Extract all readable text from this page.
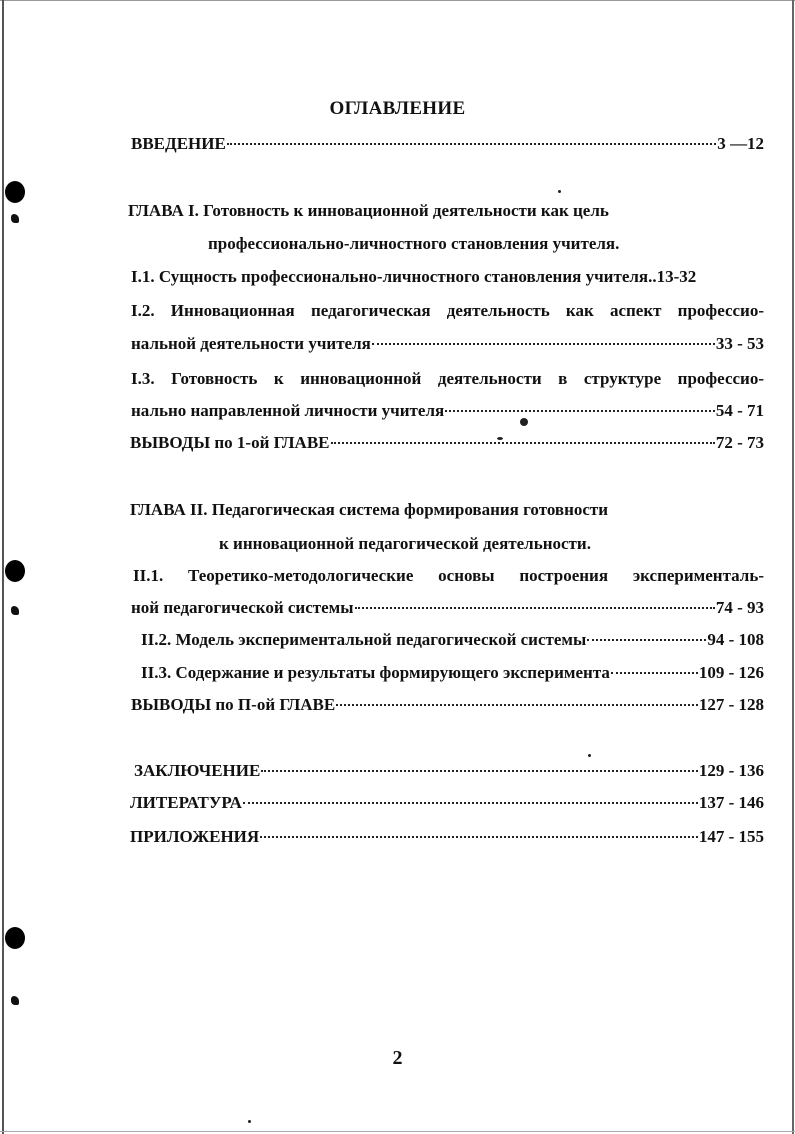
ОГЛАВЛЕНИЕ
ВВЕДЕНИЕ	3 —12
ГЛАВА I. Готовность к инновационной деятельности как цель
профессионально-личностного становления учителя.
I.1. Сущность профессионально-личностного становления учителя.. 13-32
I.2. Инновационная педагогическая деятельность как аспект профессио-
нальной деятельности учителя	33 - 53
I.3. Готовность к инновационной деятельности в структуре профессио-
нально направленной личности учителя	54 - 71
ВЫВОДЫ по 1-ой ГЛАВЕ	72 - 73
ГЛАВА II. Педагогическая система формирования готовности
к инновационной педагогической деятельности.
II.1. Теоретико-методологические основы построения эксперименталь-
ной педагогической системы	74 - 93
II.2. Модель экспериментальной педагогической системы	94 - 108
II.3. Содержание и результаты формирующего эксперимента	109 - 126
ВЫВОДЫ по П-ой ГЛАВЕ	127 - 128
ЗАКЛЮЧЕНИЕ	129 - 136
ЛИТЕРАТУРА	137 - 146
ПРИЛОЖЕНИЯ	147 - 155
2
